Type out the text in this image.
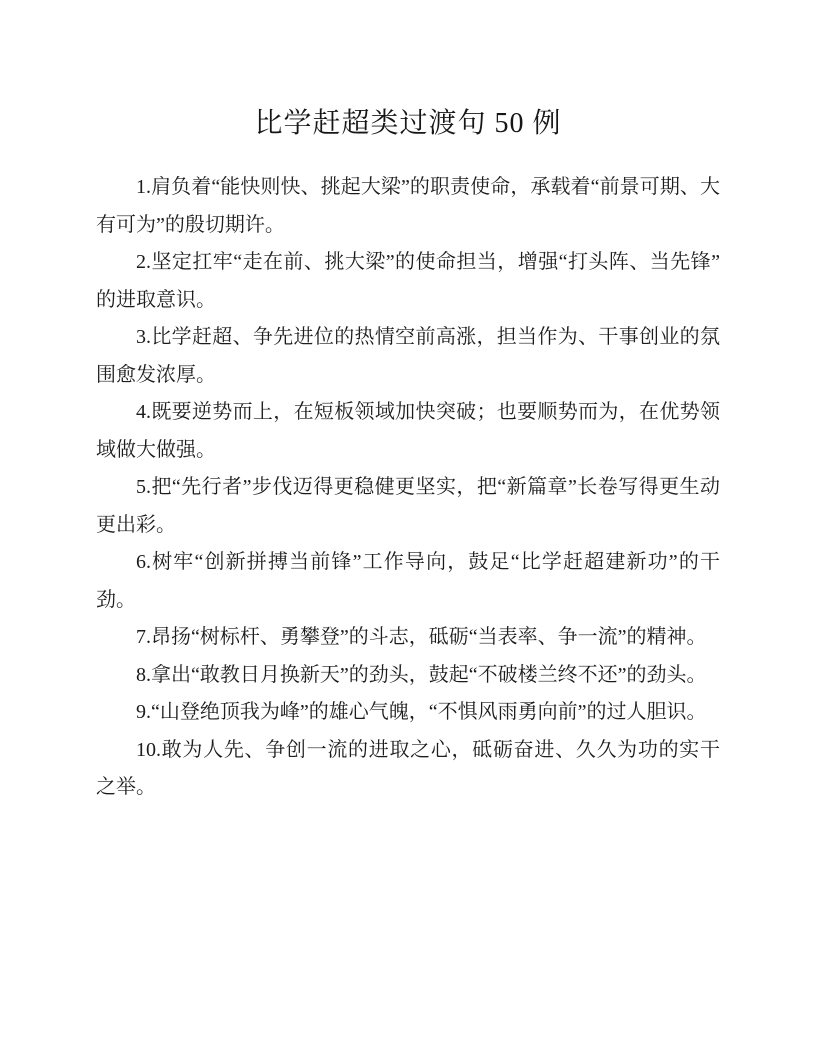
比学赶超类过渡句 50 例

1.肩负着“能快则快、挑起大梁”的职责使命，承载着“前景可期、大有可为”的殷切期许。

2.坚定扛牢“走在前、挑大梁”的使命担当，增强“打头阵、当先锋”的进取意识。

3.比学赶超、争先进位的热情空前高涨，担当作为、干事创业的氛围愈发浓厚。

4.既要逆势而上，在短板领域加快突破；也要顺势而为，在优势领域做大做强。

5.把“先行者”步伐迈得更稳健更坚实，把“新篇章”长卷写得更生动更出彩。

6.树牢“创新拼搏当前锋”工作导向，鼓足“比学赶超建新功”的干劲。

7.昂扬“树标杆、勇攀登”的斗志，砥砺“当表率、争一流”的精神。

8.拿出“敢教日月换新天”的劲头，鼓起“不破楼兰终不还”的劲头。

9.“山登绝顶我为峰”的雄心气魄，“不惧风雨勇向前”的过人胆识。

10.敢为人先、争创一流的进取之心，砥砺奋进、久久为功的实干之举。
